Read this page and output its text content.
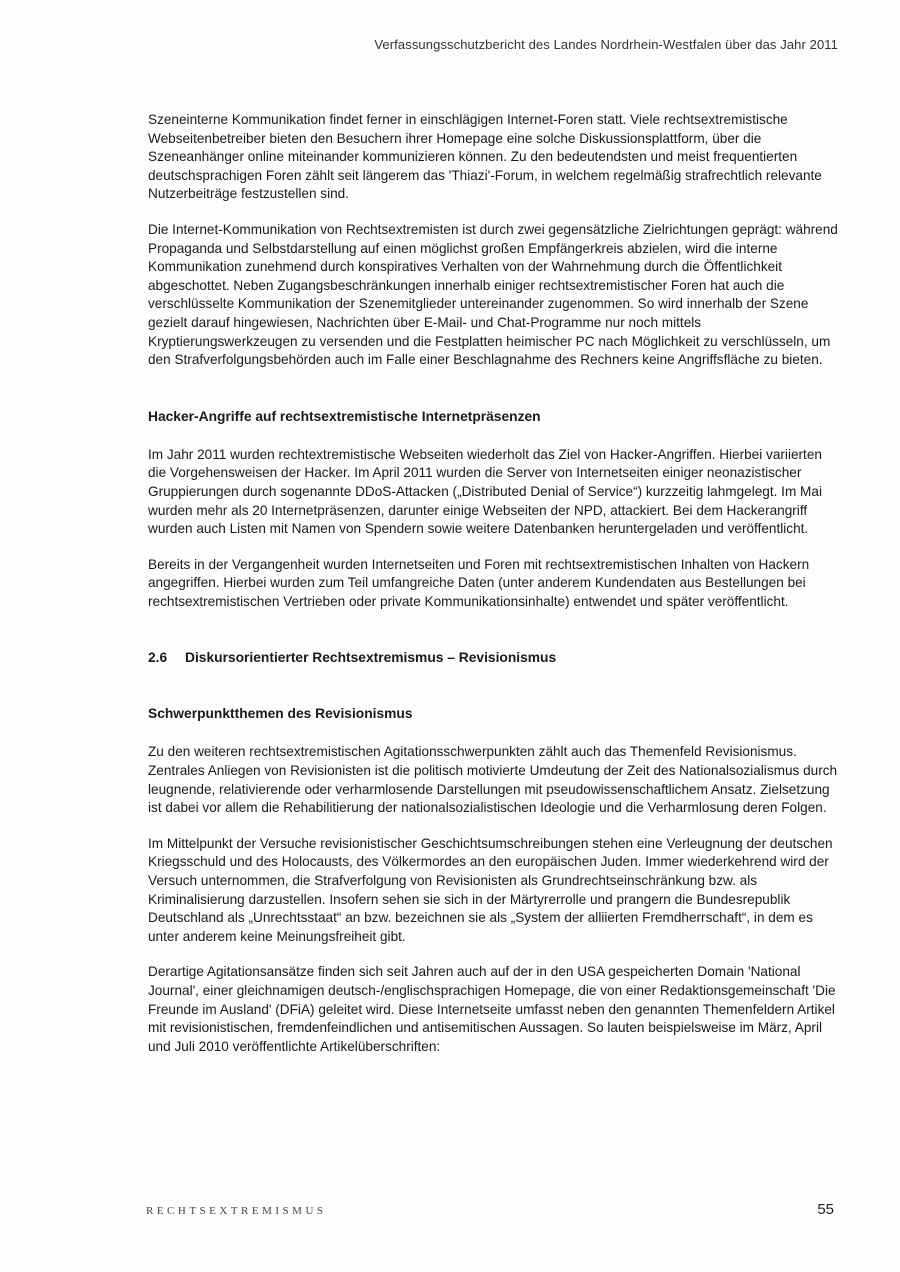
Verfassungsschutzbericht des Landes Nordrhein-Westfalen über das Jahr 2011

Szeneinterne Kommunikation findet ferner in einschlägigen Internet-Foren statt. Viele rechtsextremistische Webseitenbetreiber bieten den Besuchern ihrer Homepage eine solche Diskussionsplattform, über die Szeneanhänger online miteinander kommunizieren können. Zu den bedeutendsten und meist frequentierten deutschsprachigen Foren zählt seit längerem das 'Thiazi'-Forum, in welchem regelmäßig strafrechtlich relevante Nutzerbeiträge festzustellen sind.

Die Internet-Kommunikation von Rechtsextremisten ist durch zwei gegensätzliche Zielrichtungen geprägt: während Propaganda und Selbstdarstellung auf einen möglichst großen Empfängerkreis abzielen, wird die interne Kommunikation zunehmend durch konspiratives Verhalten von der Wahrnehmung durch die Öffentlichkeit abgeschottet. Neben Zugangsbeschränkungen innerhalb einiger rechtsextremistischer Foren hat auch die verschlüsselte Kommunikation der Szenemitglieder untereinander zugenommen. So wird innerhalb der Szene gezielt darauf hingewiesen, Nachrichten über E-Mail- und Chat-Programme nur noch mittels Kryptierungswerkzeugen zu versenden und die Festplatten heimischer PC nach Möglichkeit zu verschlüsseln, um den Strafverfolgungsbehörden auch im Falle einer Beschlagnahme des Rechners keine Angriffsfläche zu bieten.

Hacker-Angriffe auf rechtsextremistische Internetpräsenzen

Im Jahr 2011 wurden rechtextremistische Webseiten wiederholt das Ziel von Hacker-Angriffen. Hierbei variierten die Vorgehensweisen der Hacker. Im April 2011 wurden die Server von Internetseiten einiger neonazistischer Gruppierungen durch sogenannte DDoS-Attacken („Distributed Denial of Service“) kurzzeitig lahmgelegt. Im Mai wurden mehr als 20 Internetpräsenzen, darunter einige Webseiten der NPD, attackiert. Bei dem Hackerangriff wurden auch Listen mit Namen von Spendern sowie weitere Datenbanken heruntergeladen und veröffentlicht.

Bereits in der Vergangenheit wurden Internetseiten und Foren mit rechtsextremistischen Inhalten von Hackern angegriffen. Hierbei wurden zum Teil umfangreiche Daten (unter anderem Kundendaten aus Bestellungen bei rechtsextremistischen Vertrieben oder private Kommunikationsinhalte) entwendet und später veröffentlicht.

2.6	Diskursorientierter Rechtsextremismus – Revisionismus
Schwerpunktthemen des Revisionismus

Zu den weiteren rechtsextremistischen Agitationsschwerpunkten zählt auch das Themenfeld Revisionismus. Zentrales Anliegen von Revisionisten ist die politisch motivierte Umdeutung der Zeit des Nationalsozialismus durch leugnende, relativierende oder verharmlosende Darstellungen mit pseudowissenschaftlichem Ansatz. Zielsetzung ist dabei vor allem die Rehabilitierung der nationalsozialistischen Ideologie und die Verharmlosung deren Folgen.

Im Mittelpunkt der Versuche revisionistischer Geschichtsumschreibungen stehen eine Verleugnung der deutschen Kriegsschuld und des Holocausts, des Völkermordes an den europäischen Juden. Immer wiederkehrend wird der Versuch unternommen, die Strafverfolgung von Revisionisten als Grundrechtseinschränkung bzw. als Kriminalisierung darzustellen. Insofern sehen sie sich in der Märtyrerrolle und prangern die Bundesrepublik Deutschland als „Unrechtsstaat“ an bzw. bezeichnen sie als „System der alliierten Fremdherrschaft“, in dem es unter anderem keine Meinungsfreiheit gibt.

Derartige Agitationsansätze finden sich seit Jahren auch auf der in den USA gespeicherten Domain 'National Journal', einer gleichnamigen deutsch-/englischsprachigen Homepage, die von einer Redaktionsgemeinschaft 'Die Freunde im Ausland' (DFiA) geleitet wird. Diese Internetseite umfasst neben den genannten Themenfeldern Artikel mit revisionistischen, fremdenfeindlichen und antisemitischen Aussagen. So lauten beispielsweise im März, April und Juli 2010 veröffentlichte Artikelüberschriften:

RECHTSEXTREMISMUS	55
